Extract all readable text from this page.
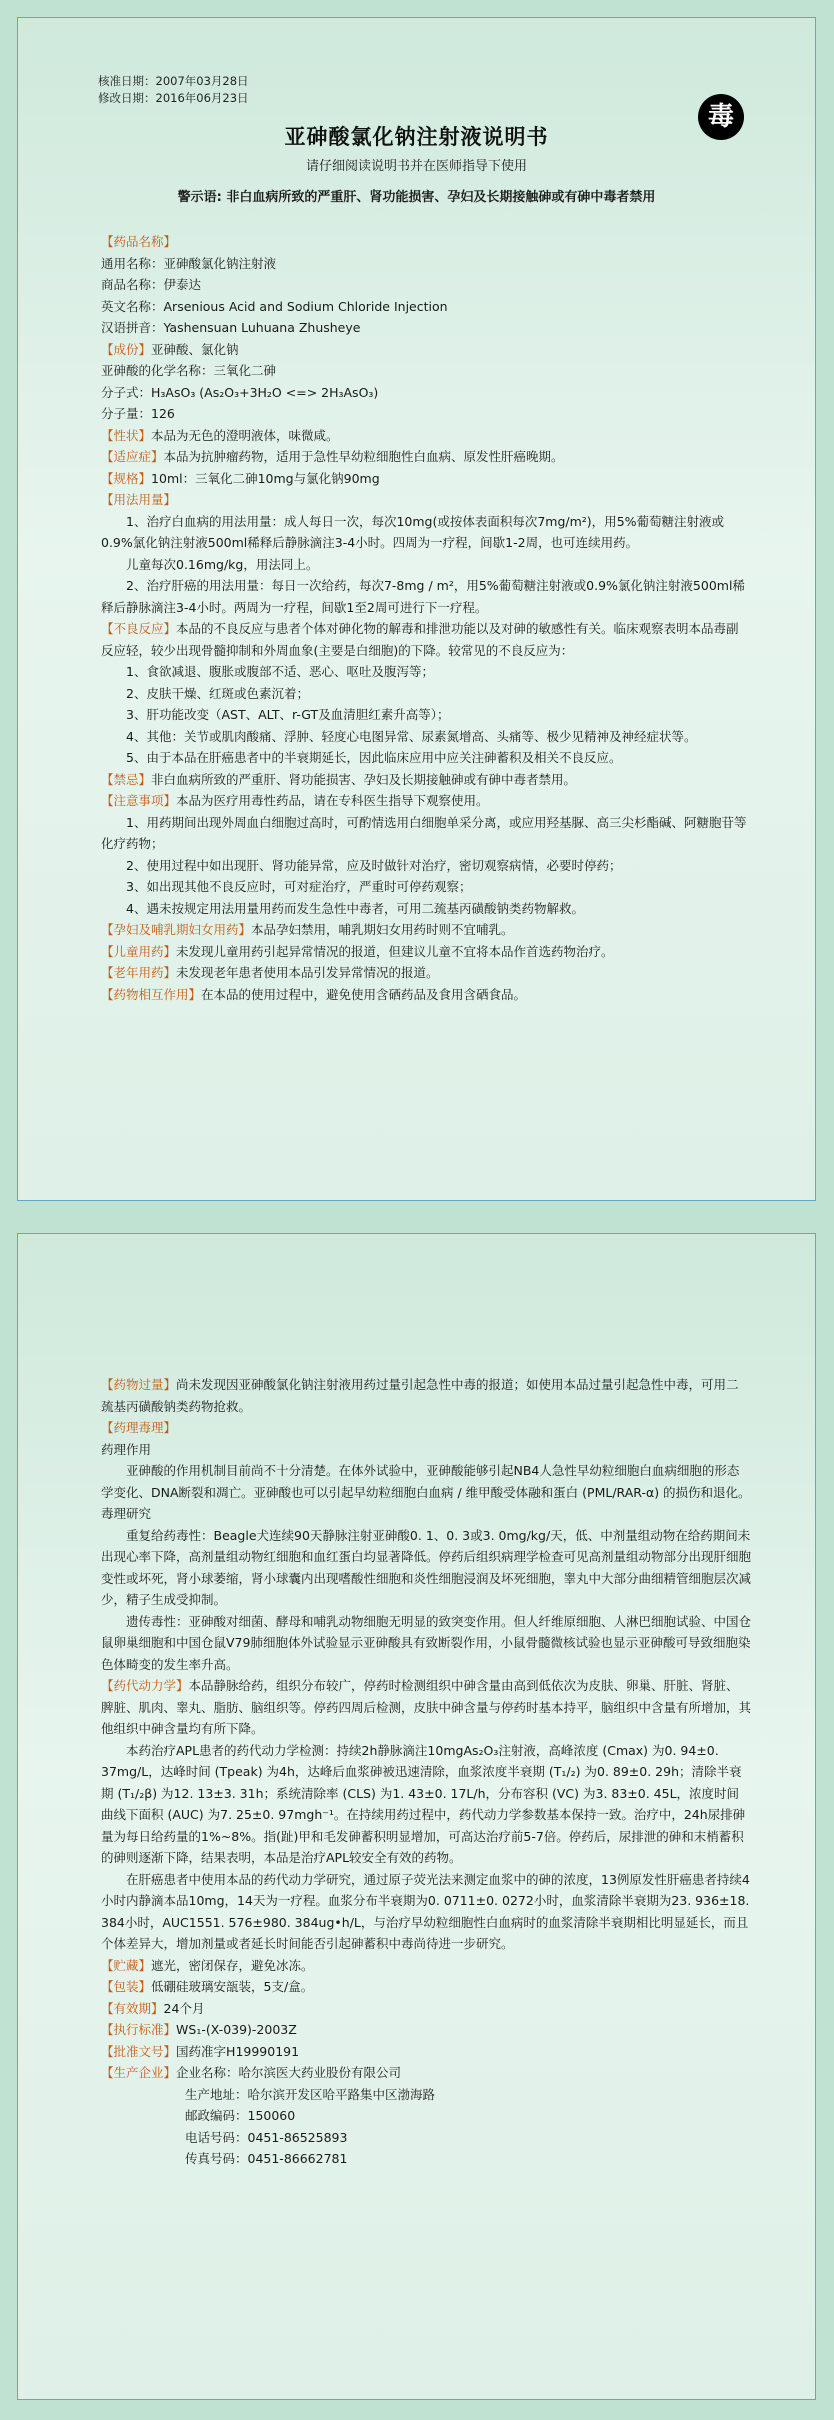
核准日期：2007年03月28日
修改日期：2016年06月23日
毒
亚砷酸氯化钠注射液说明书
请仔细阅读说明书并在医师指导下使用
警示语: 非白血病所致的严重肝、肾功能损害、孕妇及长期接触砷或有砷中毒者禁用
【药品名称】
通用名称：亚砷酸氯化钠注射液
商品名称：伊泰达
英文名称：Arsenious Acid and Sodium Chloride Injection
汉语拼音：Yashensuan Luhuana Zhusheye
【成份】亚砷酸、氯化钠
亚砷酸的化学名称：三氧化二砷
分子式：H₃AsO₃ (As₂O₃+3H₂O <=> 2H₃AsO₃)
分子量：126
【性状】本品为无色的澄明液体，味微咸。
【适应症】本品为抗肿瘤药物，适用于急性早幼粒细胞性白血病、原发性肝癌晚期。
【规格】10ml：三氧化二砷10mg与氯化钠90mg
【用法用量】
1、治疗白血病的用法用量：成人每日一次，每次10mg(或按体表面积每次7mg/m²)，用5%葡萄糖注射液或0.9%氯化钠注射液500ml稀释后静脉滴注3-4小时。四周为一疗程，间歇1-2周，也可连续用药。
儿童每次0.16mg/kg，用法同上。
2、治疗肝癌的用法用量：每日一次给药，每次7-8mg / m²，用5%葡萄糖注射液或0.9%氯化钠注射液500ml稀释后静脉滴注3-4小时。两周为一疗程，间歇1至2周可进行下一疗程。
【不良反应】本品的不良反应与患者个体对砷化物的解毒和排泄功能以及对砷的敏感性有关。临床观察表明本品毒副反应轻，较少出现骨髓抑制和外周血象(主要是白细胞)的下降。较常见的不良反应为：
1、食欲减退、腹胀或腹部不适、恶心、呕吐及腹泻等；
2、皮肤干燥、红斑或色素沉着；
3、肝功能改变（AST、ALT、r-GT及血清胆红素升高等）；
4、其他：关节或肌肉酸痛、浮肿、轻度心电图异常、尿素氮增高、头痛等、极少见精神及神经症状等。
5、由于本品在肝癌患者中的半衰期延长，因此临床应用中应关注砷蓄积及相关不良反应。
【禁忌】非白血病所致的严重肝、肾功能损害、孕妇及长期接触砷或有砷中毒者禁用。
【注意事项】本品为医疗用毒性药品，请在专科医生指导下观察使用。
1、用药期间出现外周血白细胞过高时，可酌情选用白细胞单采分离，或应用羟基脲、高三尖杉酯碱、阿糖胞苷等化疗药物；
2、使用过程中如出现肝、肾功能异常，应及时做针对治疗，密切观察病情，必要时停药；
3、如出现其他不良反应时，可对症治疗，严重时可停药观察；
4、遇未按规定用法用量用药而发生急性中毒者，可用二巯基丙磺酸钠类药物解救。
【孕妇及哺乳期妇女用药】本品孕妇禁用，哺乳期妇女用药时则不宜哺乳。
【儿童用药】未发现儿童用药引起异常情况的报道，但建议儿童不宜将本品作首选药物治疗。
【老年用药】未发现老年患者使用本品引发异常情况的报道。
【药物相互作用】在本品的使用过程中，避免使用含硒药品及食用含硒食品。
【药物过量】尚未发现因亚砷酸氯化钠注射液用药过量引起急性中毒的报道；如使用本品过量引起急性中毒，可用二巯基丙磺酸钠类药物抢救。
【药理毒理】
药理作用
亚砷酸的作用机制目前尚不十分清楚。在体外试验中，亚砷酸能够引起NB4人急性早幼粒细胞白血病细胞的形态学变化、DNA断裂和凋亡。亚砷酸也可以引起早幼粒细胞白血病 / 维甲酸受体融和蛋白 (PML/RAR-α) 的损伤和退化。
毒理研究
重复给药毒性：Beagle犬连续90天静脉注射亚砷酸0. 1、0. 3或3. 0mg/kg/天，低、中剂量组动物在给药期间未出现心率下降，高剂量组动物红细胞和血红蛋白均显著降低。停药后组织病理学检查可见高剂量组动物部分出现肝细胞变性或坏死，肾小球萎缩，肾小球囊内出现嗜酸性细胞和炎性细胞浸润及坏死细胞，睾丸中大部分曲细精管细胞层次减少，精子生成受抑制。
遗传毒性：亚砷酸对细菌、酵母和哺乳动物细胞无明显的致突变作用。但人纤维原细胞、人淋巴细胞试验、中国仓鼠卵巢细胞和中国仓鼠V79肺细胞体外试验显示亚砷酸具有致断裂作用，小鼠骨髓微核试验也显示亚砷酸可导致细胞染色体畸变的发生率升高。
【药代动力学】本品静脉给药，组织分布较广，停药时检测组织中砷含量由高到低依次为皮肤、卵巢、肝脏、肾脏、脾脏、肌肉、睾丸、脂肪、脑组织等。停药四周后检测，皮肤中砷含量与停药时基本持平，脑组织中含量有所增加，其他组织中砷含量均有所下降。
本药治疗APL患者的药代动力学检测：持续2h静脉滴注10mgAs₂O₃注射液，高峰浓度 (Cmax) 为0. 94±0. 37mg/L，达峰时间 (Tpeak) 为4h，达峰后血浆砷被迅速清除，血浆浓度半衰期 (T₁/₂) 为0. 89±0. 29h；清除半衰期 (T₁/₂β) 为12. 13±3. 31h；系统清除率 (CLS) 为1. 43±0. 17L/h，分布容积 (VC) 为3. 83±0. 45L，浓度时间曲线下面积 (AUC) 为7. 25±0. 97mgh⁻¹。在持续用药过程中，药代动力学参数基本保持一致。治疗中，24h尿排砷量为每日给药量的1%~8%。指(趾)甲和毛发砷蓄积明显增加，可高达治疗前5-7倍。停药后，尿排泄的砷和末梢蓄积的砷则逐渐下降，结果表明，本品是治疗APL较安全有效的药物。
在肝癌患者中使用本品的药代动力学研究，通过原子荧光法来测定血浆中的砷的浓度，13例原发性肝癌患者持续4小时内静滴本品10mg，14天为一疗程。血浆分布半衰期为0. 0711±0. 0272小时，血浆清除半衰期为23. 936±18. 384小时，AUC1551. 576±980. 384ug•h/L，与治疗早幼粒细胞性白血病时的血浆清除半衰期相比明显延长，而且个体差异大，增加剂量或者延长时间能否引起砷蓄积中毒尚待进一步研究。
【贮藏】遮光，密闭保存，避免冰冻。
【包装】低硼硅玻璃安瓿装，5支/盒。
【有效期】24个月
【执行标准】WS₁-(X-039)-2003Z
【批准文号】国药准字H19990191
【生产企业】企业名称：哈尔滨医大药业股份有限公司
生产地址：哈尔滨开发区哈平路集中区渤海路
邮政编码：150060
电话号码：0451-86525893
传真号码：0451-86662781
